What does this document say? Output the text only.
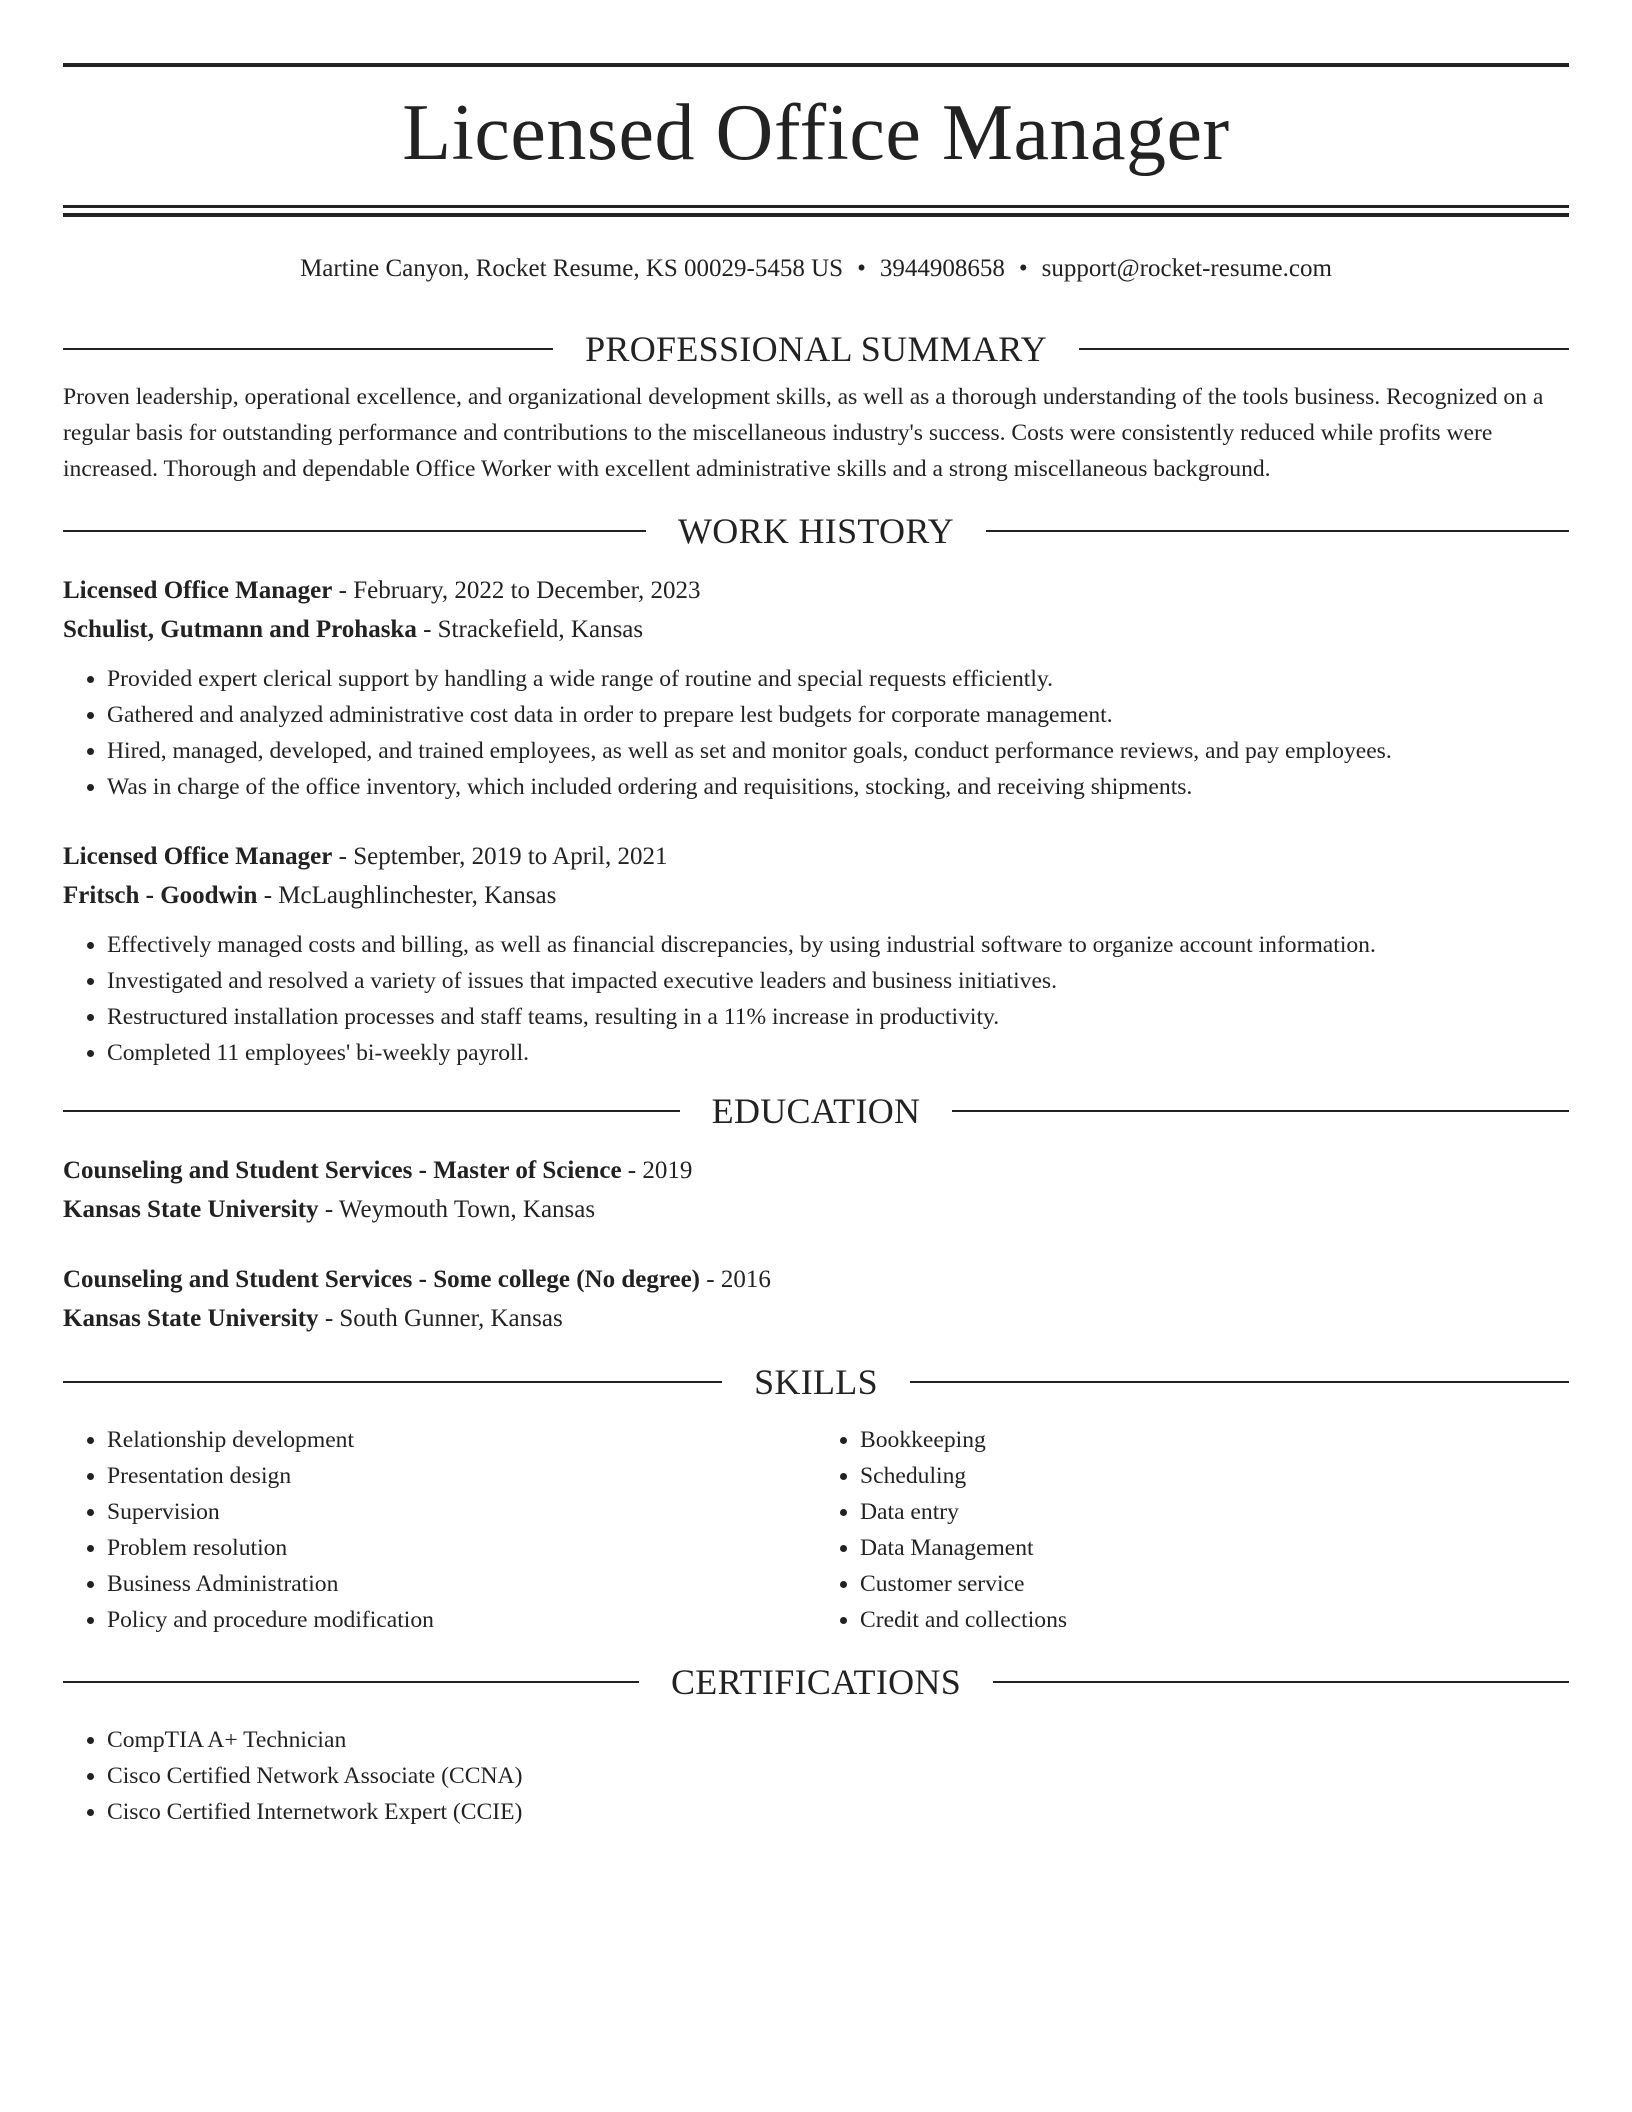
Licensed Office Manager
Martine Canyon, Rocket Resume, KS 00029-5458 US • 3944908658 • support@rocket-resume.com
PROFESSIONAL SUMMARY

Proven leadership, operational excellence, and organizational development skills, as well as a thorough understanding of the tools business. Recognized on a regular basis for outstanding performance and contributions to the miscellaneous industry's success. Costs were consistently reduced while profits were increased. Thorough and dependable Office Worker with excellent administrative skills and a strong miscellaneous background.

WORK HISTORY
Licensed Office Manager - February, 2022 to December, 2023
Schulist, Gutmann and Prohaska - Strackefield, Kansas
• Provided expert clerical support by handling a wide range of routine and special requests efficiently.
• Gathered and analyzed administrative cost data in order to prepare lest budgets for corporate management.
• Hired, managed, developed, and trained employees, as well as set and monitor goals, conduct performance reviews, and pay employees.
• Was in charge of the office inventory, which included ordering and requisitions, stocking, and receiving shipments.
Licensed Office Manager - September, 2019 to April, 2021
Fritsch - Goodwin - McLaughlinchester, Kansas
• Effectively managed costs and billing, as well as financial discrepancies, by using industrial software to organize account information.
• Investigated and resolved a variety of issues that impacted executive leaders and business initiatives.
• Restructured installation processes and staff teams, resulting in a 11% increase in productivity.
• Completed 11 employees' bi-weekly payroll.
EDUCATION
Counseling and Student Services - Master of Science - 2019
Kansas State University - Weymouth Town, Kansas
Counseling and Student Services - Some college (No degree) - 2016
Kansas State University - South Gunner, Kansas
SKILLS
• Relationship development
• Presentation design
• Supervision
• Problem resolution
• Business Administration
• Policy and procedure modification
• Bookkeeping
• Scheduling
• Data entry
• Data Management
• Customer service
• Credit and collections
CERTIFICATIONS
• CompTIA A+ Technician
• Cisco Certified Network Associate (CCNA)
• Cisco Certified Internetwork Expert (CCIE)
